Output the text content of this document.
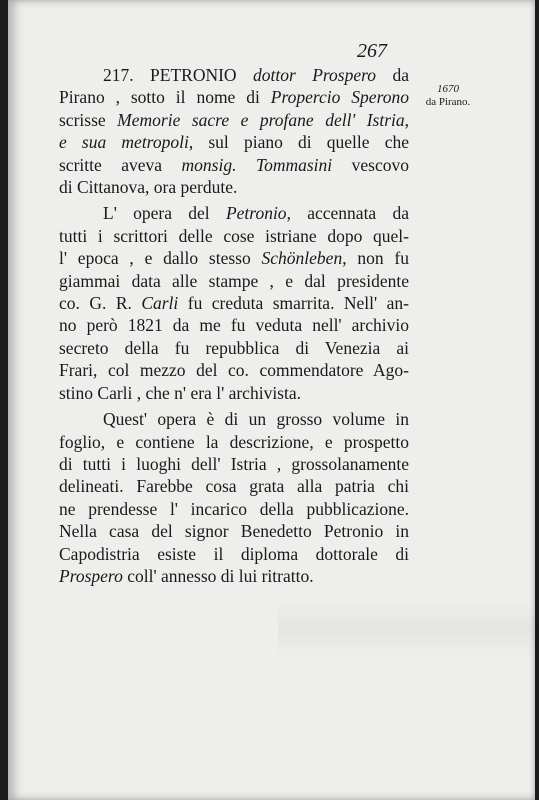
267
1670
da Pirano.
217. PETRONIO dottor Prospero da
Pirano , sotto il nome di Propercio Sperono
scrisse Memorie sacre e profane dell' Istria,
e sua metropoli, sul piano di quelle che
scritte aveva monsig. Tommasini vescovo
di Cittanova, ora perdute.
L' opera del Petronio, accennata da
tutti i scrittori delle cose istriane dopo quel-
l' epoca , e dallo stesso Schönleben, non fu
giammai data alle stampe , e dal presidente
co. G. R. Carli fu creduta smarrita. Nell' an-
no però 1821 da me fu veduta nell' archivio
secreto della fu repubblica di Venezia ai
Frari, col mezzo del co. commendatore Ago-
stino Carli , che n' era l' archivista.
Quest' opera è di un grosso volume in
foglio, e contiene la descrizione, e prospetto
di tutti i luoghi dell' Istria , grossolanamente
delineati. Farebbe cosa grata alla patria chi
ne prendesse l' incarico della pubblicazione.
Nella casa del signor Benedetto Petronio in
Capodistria esiste il diploma dottorale di
Prospero coll' annesso di lui ritratto.
